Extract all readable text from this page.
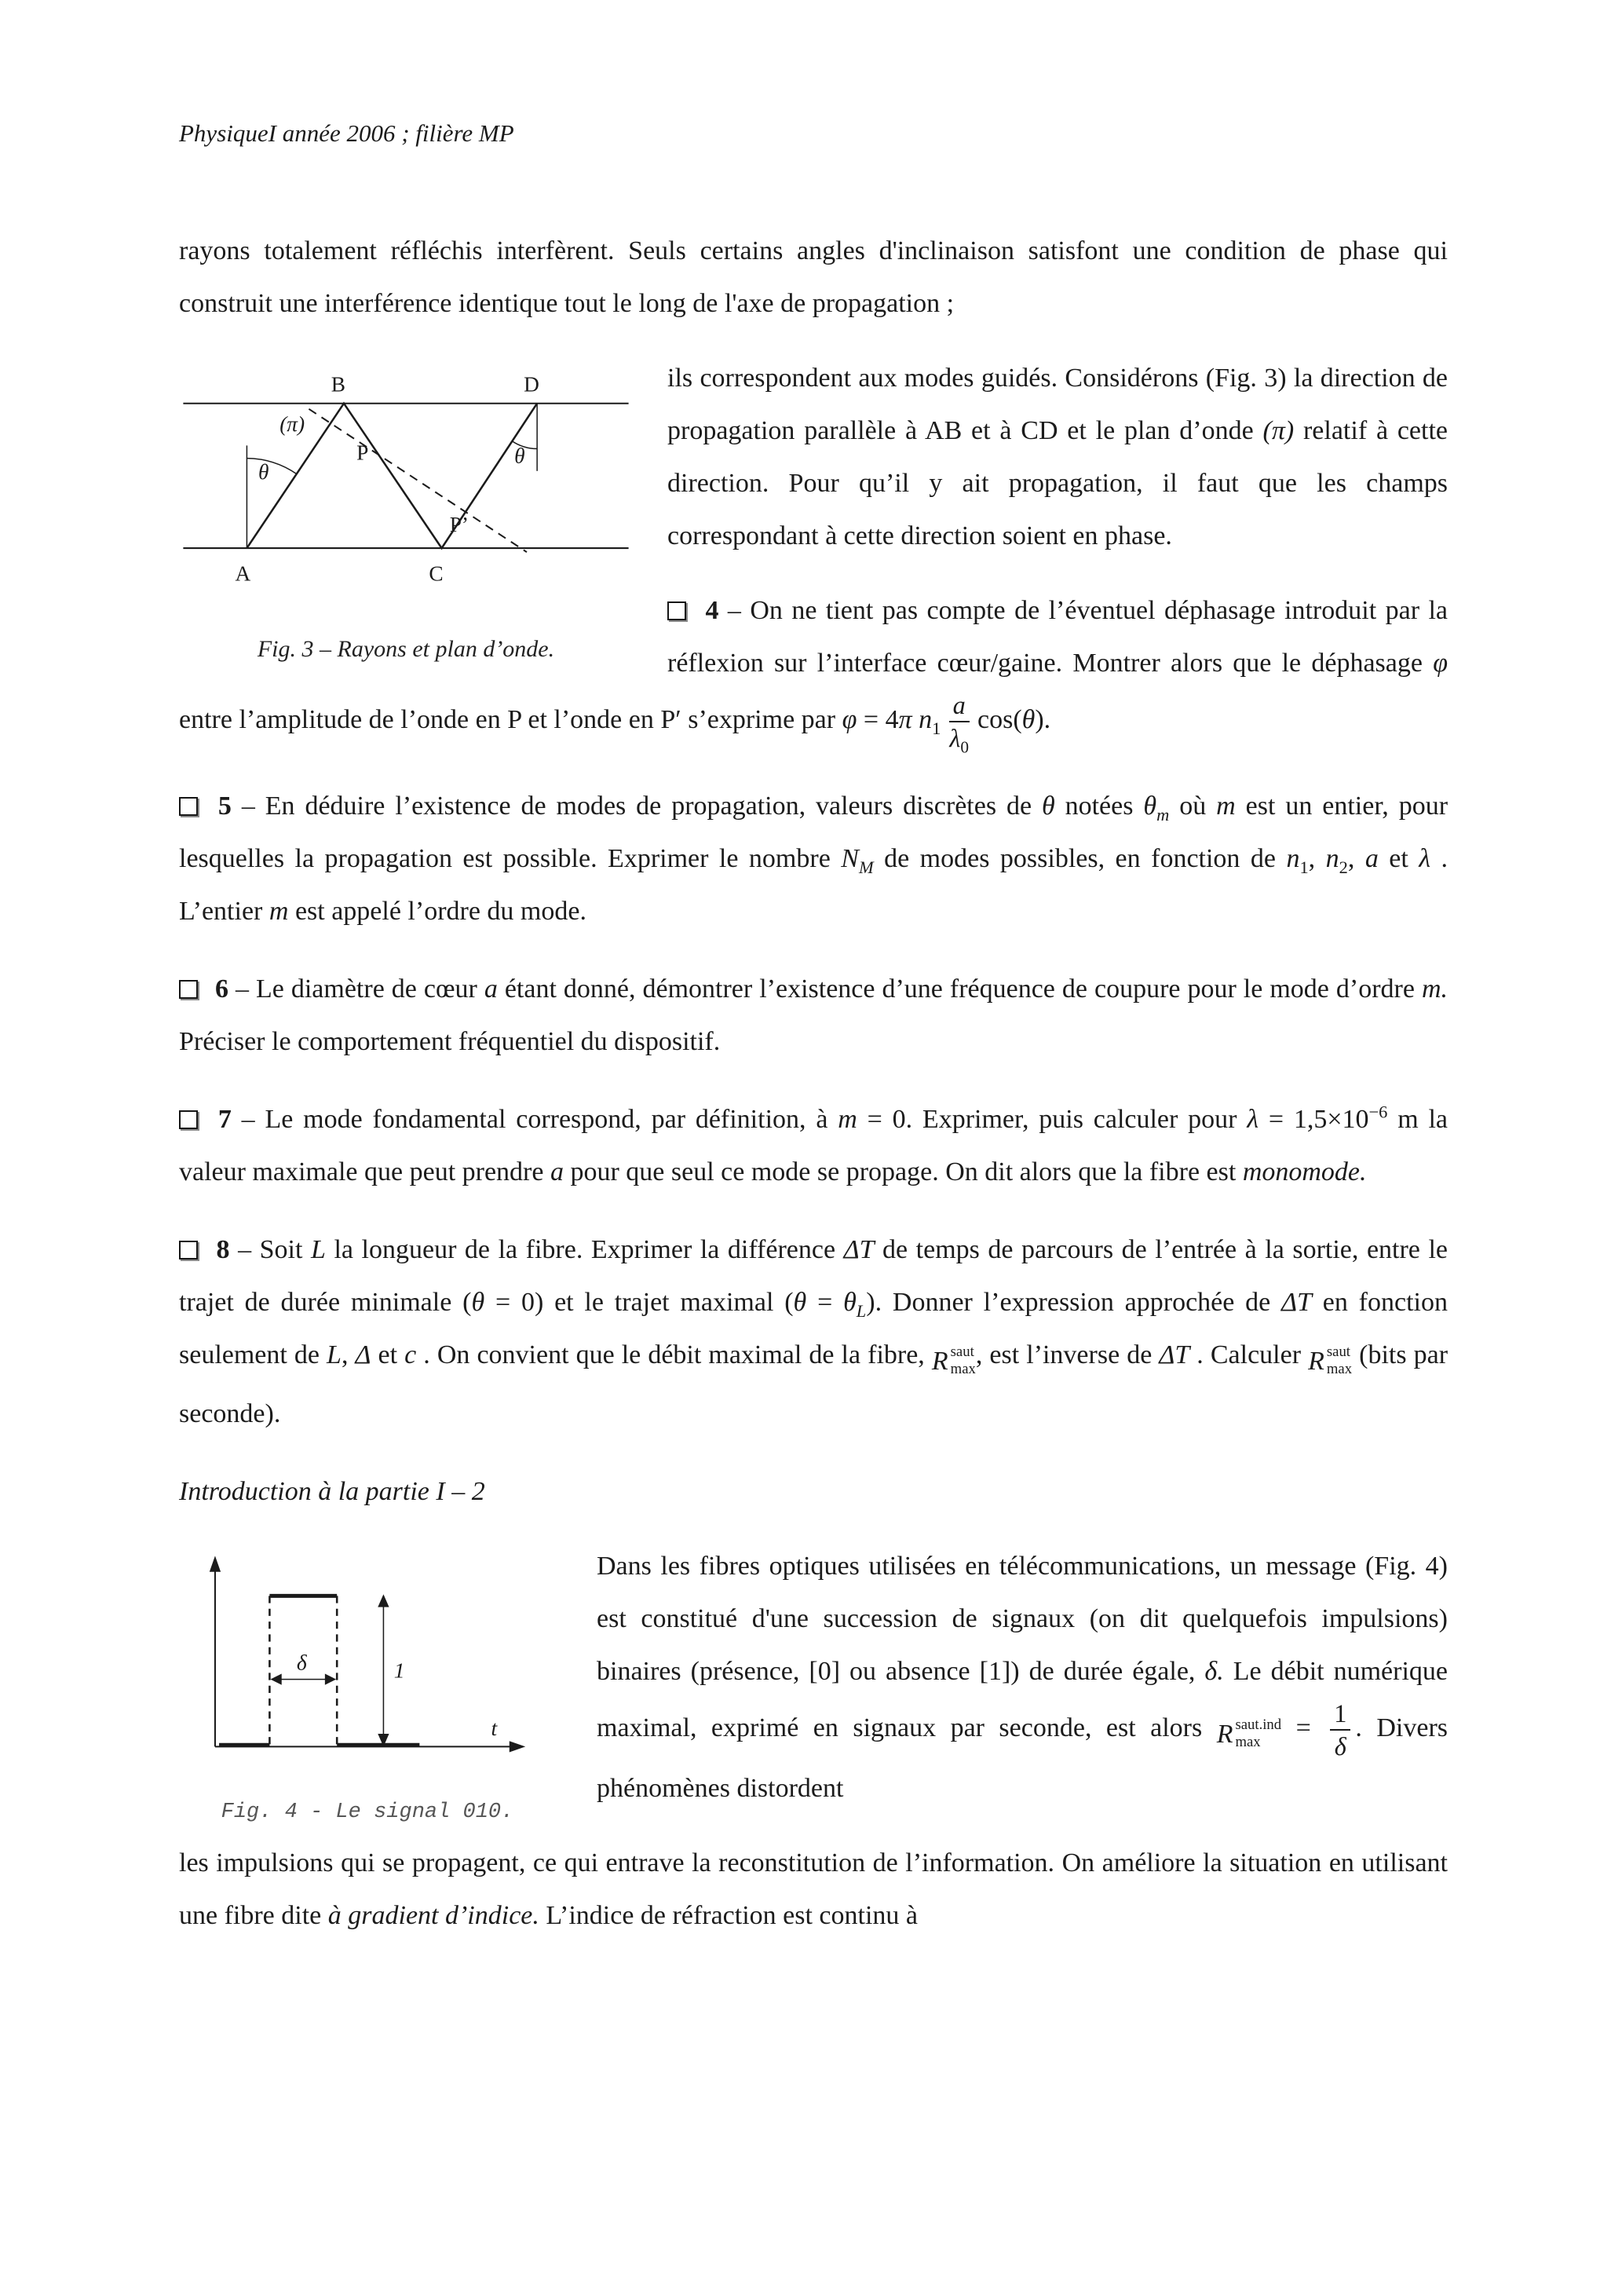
PhysiqueI année 2006 ; filière MP

rayons totalement réfléchis interfèrent. Seuls certains angles d'inclinaison satisfont une condition de phase qui construit une interférence identique tout le long de l'axe de propagation ;

B	D
A	C
(π)
θ
θ
P
P’
Fig. 3 – Rayons et plan d’onde.

ils correspondent aux modes guidés. Considérons (Fig. 3) la direction de propagation parallèle à AB et à CD et le plan d’onde (π) relatif à cette direction. Pour qu’il y ait propagation, il faut que les champs correspondant à cette direction soient en phase.

4 – On ne tient pas compte de l’éventuel déphasage introduit par la réflexion sur l’interface cœur/gaine. Montrer alors que le déphasage φ entre l’amplitude de l’onde en P et l’onde en P′ s’exprime par φ = 4π $n_1 \frac{a}{\lambda_0} \cos(\theta)$.

5 – En déduire l’existence de modes de propagation, valeurs discrètes de θ notées $\theta_m$ où m est un entier, pour lesquelles la propagation est possible. Exprimer le nombre $N_M$ de modes possibles, en fonction de $n_1$, $n_2$, a et λ . L’entier m est appelé l’ordre du mode.

6 – Le diamètre de cœur a étant donné, démontrer l’existence d’une fréquence de coupure pour le mode d’ordre m. Préciser le comportement fréquentiel du dispositif.

7 – Le mode fondamental correspond, par définition, à m = 0. Exprimer, puis calculer pour $\lambda = 1,5\times 10^{-6}$ m la valeur maximale que peut prendre a pour que seul ce mode se propage. On dit alors que la fibre est monomode.

8 – Soit L la longueur de la fibre. Exprimer la différence ΔT de temps de parcours de l’entrée à la sortie, entre le trajet de durée minimale (θ = 0) et le trajet maximal $(\theta = \theta_L)$. Donner l’expression approchée de ΔT en fonction seulement de L, Δ et c . On convient que le débit maximal de la fibre, R saut
max , est l’inverse de ΔT . Calculer R saut
max (bits par seconde).

Introduction à la partie I – 2

δ	1
t
Fig. 4 - Le signal 010.

Dans les fibres optiques utilisées en télécommunications, un message (Fig. 4) est constitué d'une succession de signaux (on dit quelquefois impulsions) binaires (présence, [0] ou absence [1]) de durée égale, δ. Le débit numérique maximal, exprimé en signaux par seconde, est alors R saut.ind
$\max = \frac{1}{\delta}$ . Divers phénomènes distordent

les impulsions qui se propagent, ce qui entrave la reconstitution de l’information. On améliore la situation en utilisant une fibre dite à gradient d’indice. L’indice de réfraction est continu à
